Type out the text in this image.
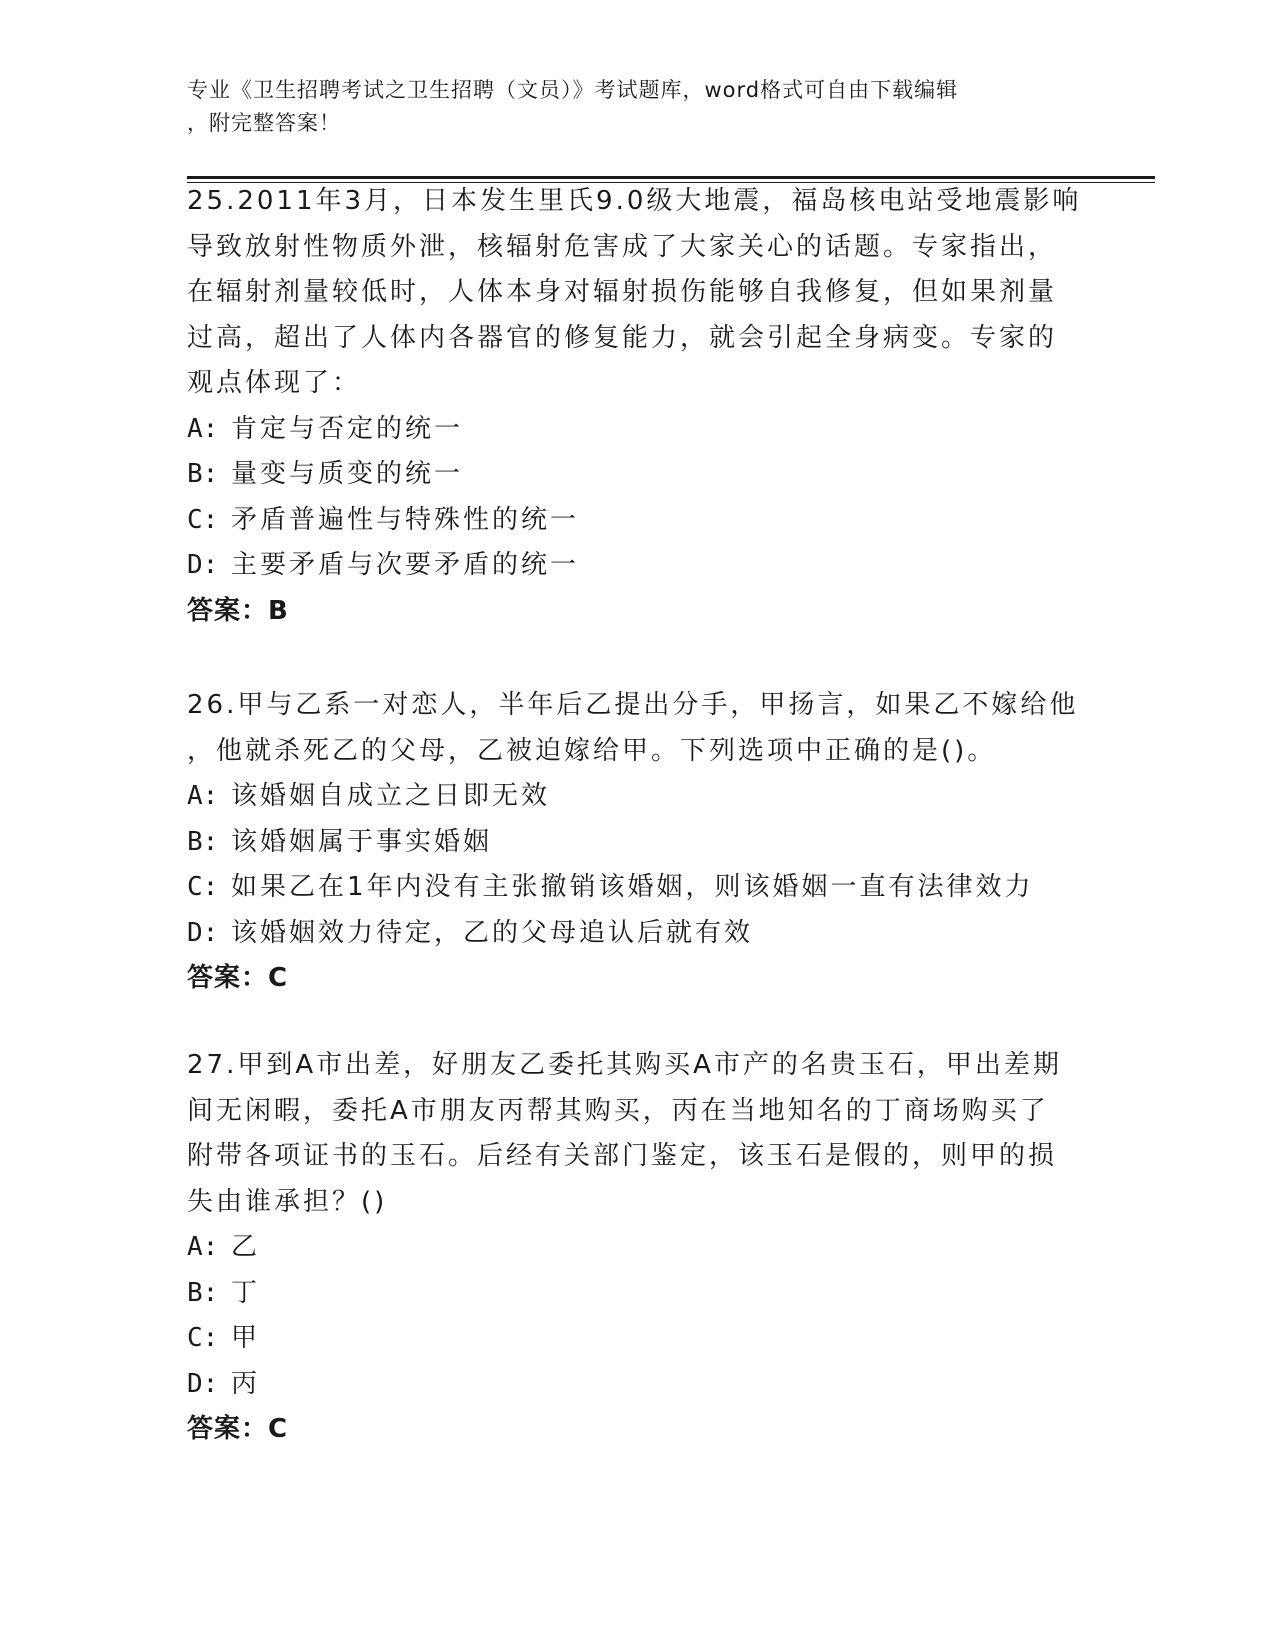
专业《卫生招聘考试之卫生招聘（文员）》考试题库，word格式可自由下载编辑
，附完整答案！
25.2011年3月，日本发生里氏9.0级大地震，福岛核电站受地震影响
导致放射性物质外泄，核辐射危害成了大家关心的话题。专家指出，
在辐射剂量较低时，人体本身对辐射损伤能够自我修复，但如果剂量
过高，超出了人体内各器官的修复能力，就会引起全身病变。专家的
观点体现了：
A: 肯定与否定的统一
B: 量变与质变的统一
C: 矛盾普遍性与特殊性的统一
D: 主要矛盾与次要矛盾的统一
答案：B
26.甲与乙系一对恋人，半年后乙提出分手，甲扬言，如果乙不嫁给他
，他就杀死乙的父母，乙被迫嫁给甲。下列选项中正确的是()。
A: 该婚姻自成立之日即无效
B: 该婚姻属于事实婚姻
C: 如果乙在1年内没有主张撤销该婚姻，则该婚姻一直有法律效力
D: 该婚姻效力待定，乙的父母追认后就有效
答案：C
27.甲到A市出差，好朋友乙委托其购买A市产的名贵玉石，甲出差期
间无闲暇，委托A市朋友丙帮其购买，丙在当地知名的丁商场购买了
附带各项证书的玉石。后经有关部门鉴定，该玉石是假的，则甲的损
失由谁承担？()
A: 乙
B: 丁
C: 甲
D: 丙
答案：C
